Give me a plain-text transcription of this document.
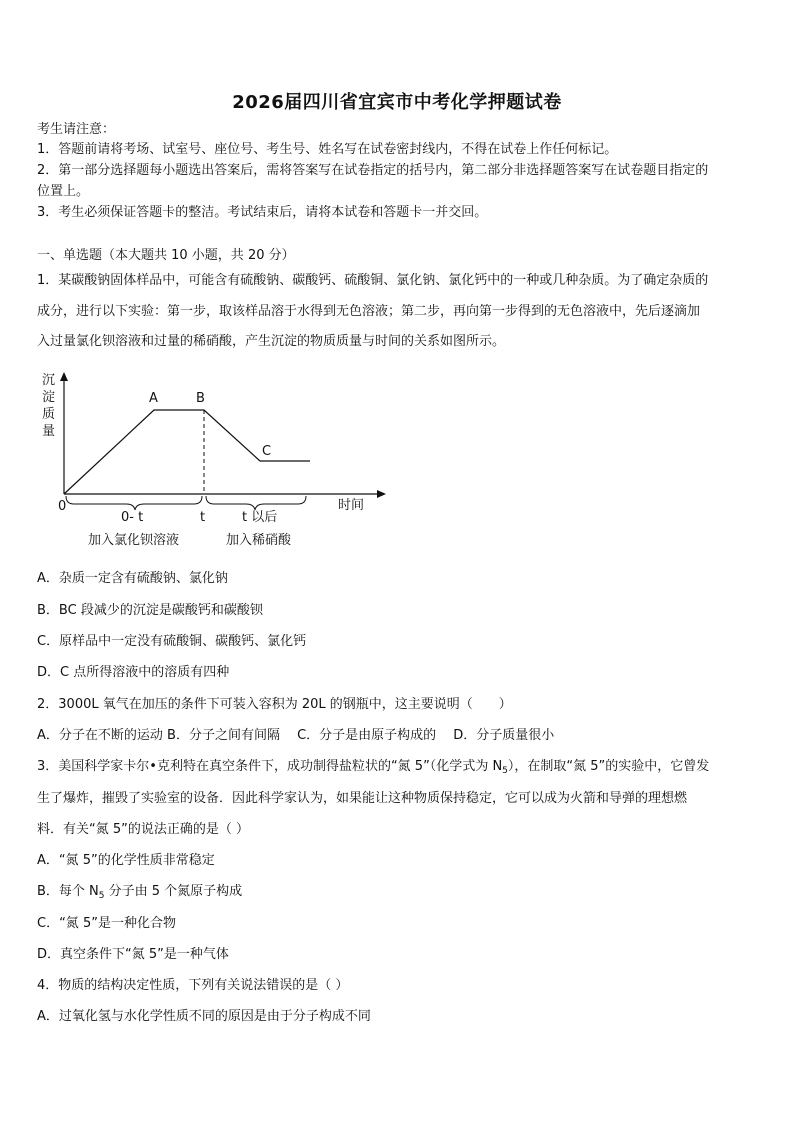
2026届四川省宜宾市中考化学押题试卷
考生请注意：
1．答题前请将考场、试室号、座位号、考生号、姓名写在试卷密封线内，不得在试卷上作任何标记。
2．第一部分选择题每小题选出答案后，需将答案写在试卷指定的括号内，第二部分非选择题答案写在试卷题目指定的
位置上。
3．考生必须保证答题卡的整洁。考试结束后，请将本试卷和答题卡一并交回。
一、单选题（本大题共 10 小题，共 20 分）
1．某碳酸钠固体样品中，可能含有硫酸钠、碳酸钙、硫酸铜、氯化钠、氯化钙中的一种或几种杂质。为了确定杂质的
成分，进行以下实验：第一步，取该样品溶于水得到无色溶液；第二步，再向第一步得到的无色溶液中，先后逐滴加
入过量氯化钡溶液和过量的稀硝酸，产生沉淀的物质质量与时间的关系如图所示。
沉
淀
质
量
A	B
C
0	时间
0- t	t	t 以后
加入氯化钡溶液	加入稀硝酸
A．杂质一定含有硫酸钠、氯化钠
B．BC 段减少的沉淀是碳酸钙和碳酸钡
C．原样品中一定没有硫酸铜、碳酸钙、氯化钙
D．C 点所得溶液中的溶质有四种
2．3000L 氧气在加压的条件下可装入容积为 20L 的钢瓶中，这主要说明（　　）
A．分子在不断的运动 B．分子之间有间隔　 C．分子是由原子构成的　 D．分子质量很小
3．美国科学家卡尔•克利特在真空条件下，成功制得盐粒状的“氮 5”（化学式为 $N_5$），在制取“氮 5”的实验中，它曾发
生了爆炸，摧毁了实验室的设备．因此科学家认为，如果能让这种物质保持稳定，它可以成为火箭和导弹的理想燃
料．有关“氮 5”的说法正确的是（ ）
A．“氮 5”的化学性质非常稳定
B．每个 $N_5$ 分子由 5 个氮原子构成
C．“氮 5”是一种化合物
D．真空条件下“氮 5”是一种气体
4．物质的结构决定性质，下列有关说法错误的是（ ）
A．过氧化氢与水化学性质不同的原因是由于分子构成不同
